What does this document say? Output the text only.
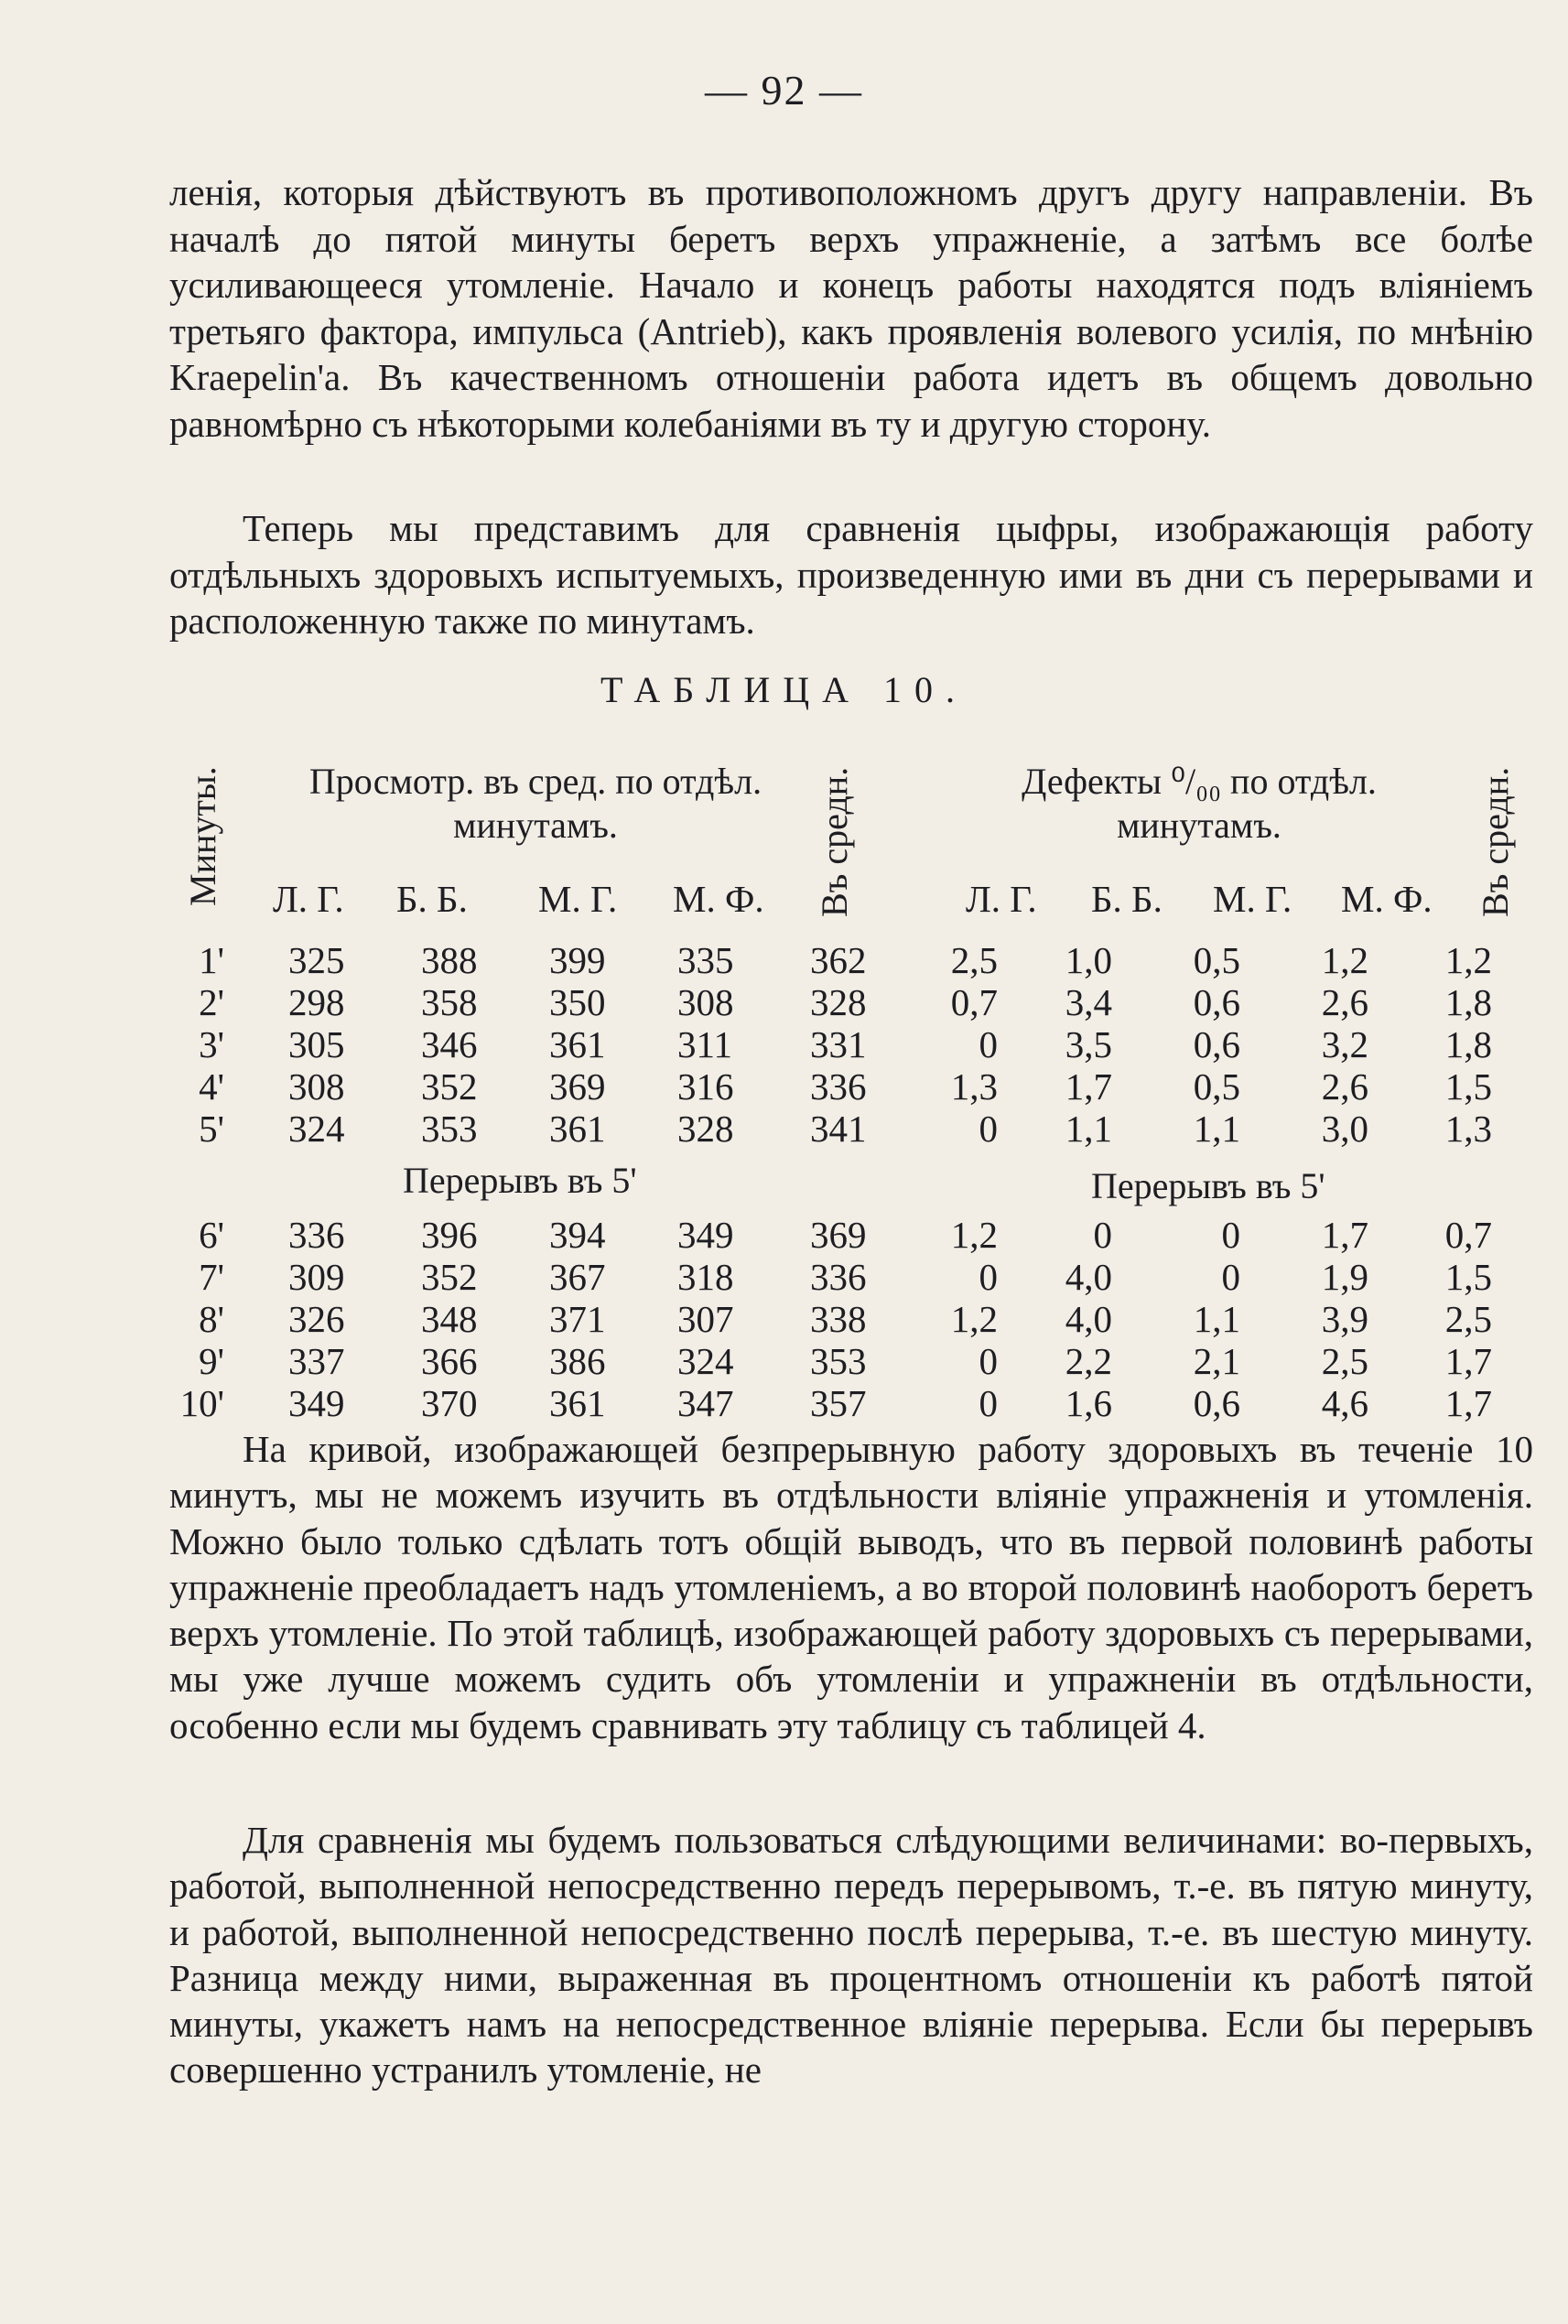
— 92 —

ленія, которыя дѣйствуютъ въ противоположномъ другъ другу направленіи. Въ началѣ до пятой минуты беретъ верхъ упражненіе, а затѣмъ все болѣе усиливающееся утомленіе. Начало и конецъ работы находятся подъ вліяніемъ третьяго фактора, импульса (Antrieb), какъ проявленія волевого усилія, по мнѣнію Kraepelin'а. Въ качественномъ отношеніи работа идетъ въ общемъ довольно равномѣрно съ нѣкоторыми колебаніями въ ту и другую сторону.

Теперь мы представимъ для сравненія цыфры, изображающія работу отдѣльныхъ здоровыхъ испытуемыхъ, произведенную ими въ дни съ перерывами и расположенную также по минутамъ.

ТАБЛИЦА 10.
Минуты.	Въ средн.	Въ средн.
Просмотр. въ сред. по отдѣл. минутамъ.
Дефекты ⁰/₀₀ по отдѣл. минутамъ.
Л. Г. Б. Б. М. Г. М. Ф.	Л. Г. Б. Б. М. Г. М. Ф.
1' 325 388 399 335 362	2,5	1,0	0,5	1,2	1,2
2' 298 358 350 308 328	0,7	3,4	0,6	2,6	1,8
3' 305 346 361 311 331	0	3,5	0,6	3,2	1,8
4' 308 352 369 316 336	1,3	1,7	0,5	2,6	1,5
5' 324 353 361 328 341	0	1,1	1,1	3,0	1,3
Перерывъ въ 5'	Перерывъ въ 5'
6' 336 396 394 349 369	1,2	0	0	1,7	0,7
7' 309 352 367 318 336	0	4,0	0	1,9	1,5
8' 326 348 371 307 338	1,2	4,0	1,1	3,9	2,5
9' 337 366 386 324 353	0	2,2	2,1	2,5	1,7
10' 349 370 361 347 357	0	1,6	0,6	4,6	1,7

На кривой, изображающей безпрерывную работу здоровыхъ въ теченіе 10 минутъ, мы не можемъ изучить въ отдѣльности вліяніе упражненія и утомленія. Можно было только сдѣлать тотъ общій выводъ, что въ первой половинѣ работы упражненіе преобладаетъ надъ утомленіемъ, а во второй половинѣ наоборотъ беретъ верхъ утомленіе. По этой таблицѣ, изображающей работу здоровыхъ съ перерывами, мы уже лучше можемъ судить объ утомленіи и упражненіи въ отдѣльности, особенно если мы будемъ сравнивать эту таблицу съ таблицей 4.

Для сравненія мы будемъ пользоваться слѣдующими величинами: во-первыхъ, работой, выполненной непосредственно передъ перерывомъ, т.-е. въ пятую минуту, и работой, выполненной непосредственно послѣ перерыва, т.-е. въ шестую минуту. Разница между ними, выраженная въ процентномъ отношеніи къ работѣ пятой минуты, укажетъ намъ на непосредственное вліяніе перерыва. Если бы перерывъ совершенно устранилъ утомленіе, не
